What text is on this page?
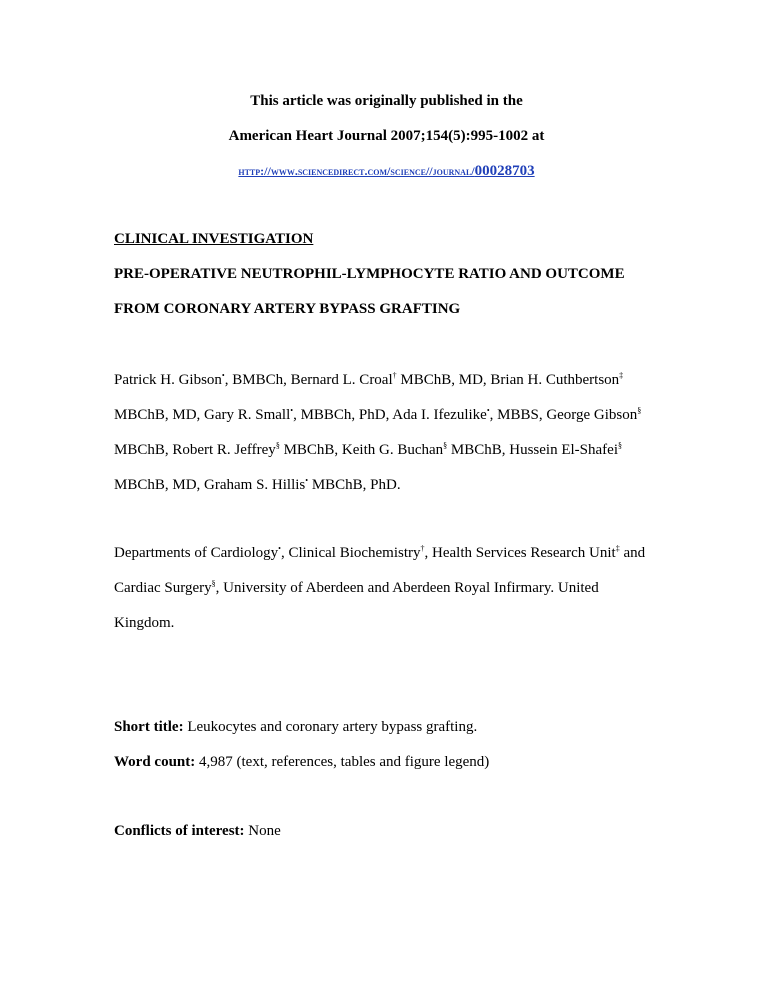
This article was originally published in the
American Heart Journal 2007;154(5):995-1002 at
http://www.sciencedirect.com/science//journal/00028703
CLINICAL INVESTIGATION
PRE-OPERATIVE NEUTROPHIL-LYMPHOCYTE RATIO AND OUTCOME
FROM CORONARY ARTERY BYPASS GRAFTING
Patrick H. Gibson•, BMBCh, Bernard L. Croal† MBChB, MD, Brian H. Cuthbertson‡
MBChB, MD, Gary R. Small•, MBBCh, PhD, Ada I. Ifezulike•, MBBS, George Gibson§
MBChB, Robert R. Jeffrey§ MBChB, Keith G. Buchan§ MBChB, Hussein El-Shafei§
MBChB, MD, Graham S. Hillis• MBChB, PhD.
Departments of Cardiology•, Clinical Biochemistry†, Health Services Research Unit‡ and
Cardiac Surgery§, University of Aberdeen and Aberdeen Royal Infirmary. United
Kingdom.
Short title: Leukocytes and coronary artery bypass grafting.
Word count: 4,987 (text, references, tables and figure legend)
Conflicts of interest: None
